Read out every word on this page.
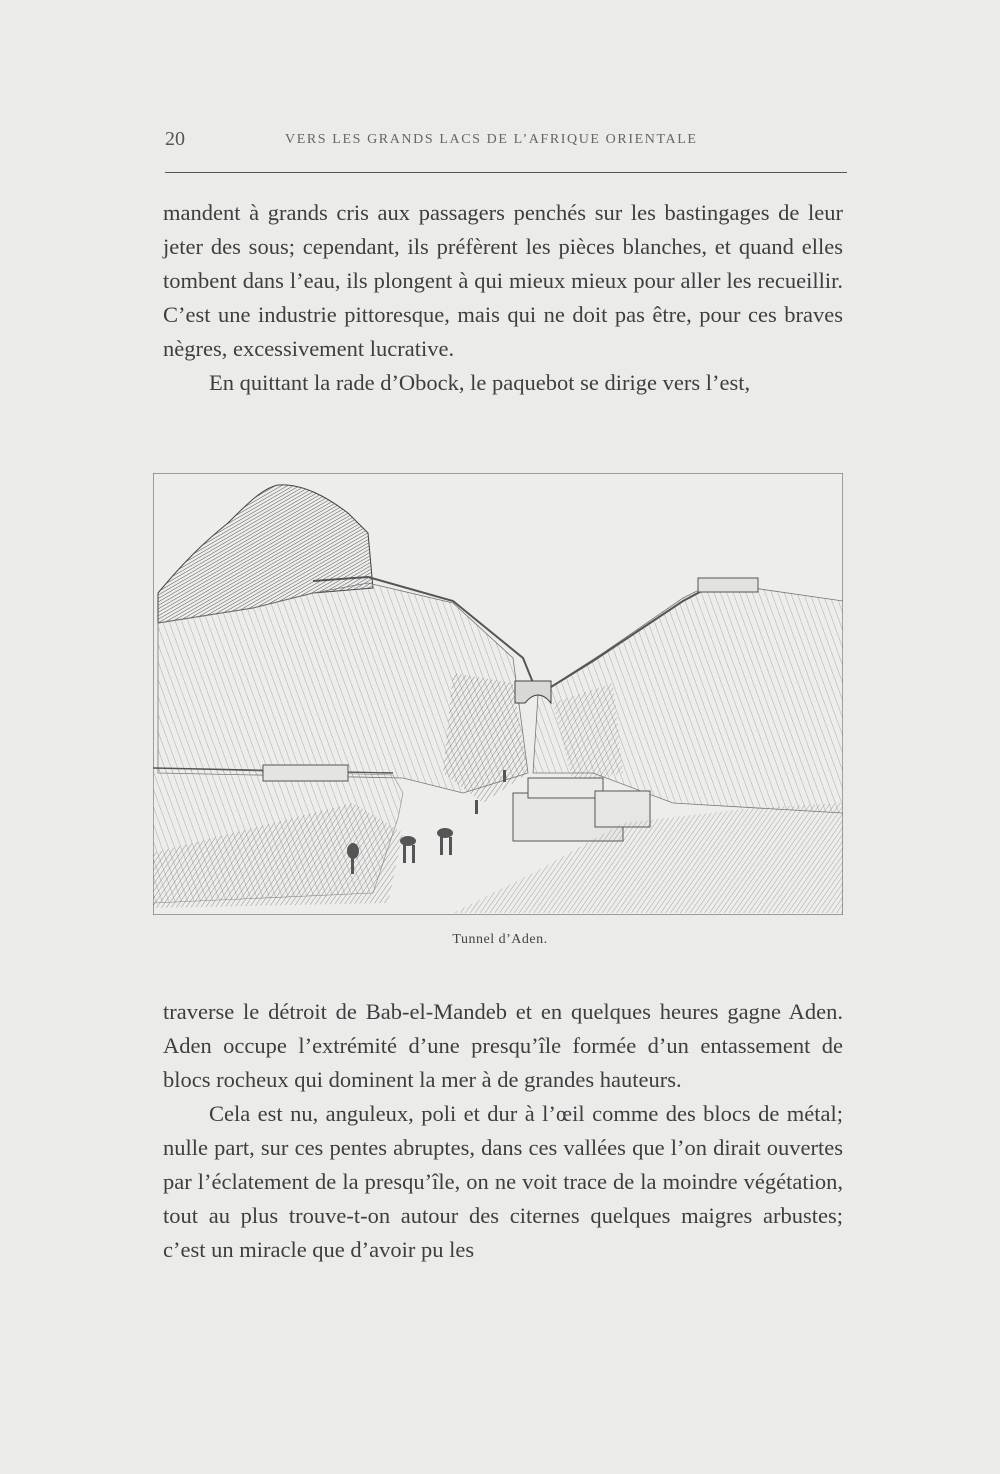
20	VERS LES GRANDS LACS DE L’AFRIQUE ORIENTALE

mandent à grands cris aux passagers penchés sur les bastingages de leur jeter des sous; cependant, ils préfèrent les pièces blanches, et quand elles tombent dans l’eau, ils plongent à qui mieux mieux pour aller les recueillir. C’est une industrie pittoresque, mais qui ne doit pas être, pour ces braves nègres, excessivement lucrative.

En quittant la rade d’Obock, le paquebot se dirige vers l’est,

Tunnel d’Aden.

traverse le détroit de Bab-el-Mandeb et en quelques heures gagne Aden. Aden occupe l’extrémité d’une presqu’île formée d’un entassement de blocs rocheux qui dominent la mer à de grandes hauteurs.

Cela est nu, anguleux, poli et dur à l’œil comme des blocs de métal; nulle part, sur ces pentes abruptes, dans ces vallées que l’on dirait ouvertes par l’éclatement de la presqu’île, on ne voit trace de la moindre végétation, tout au plus trouve-t-on autour des citernes quelques maigres arbustes; c’est un miracle que d’avoir pu les
